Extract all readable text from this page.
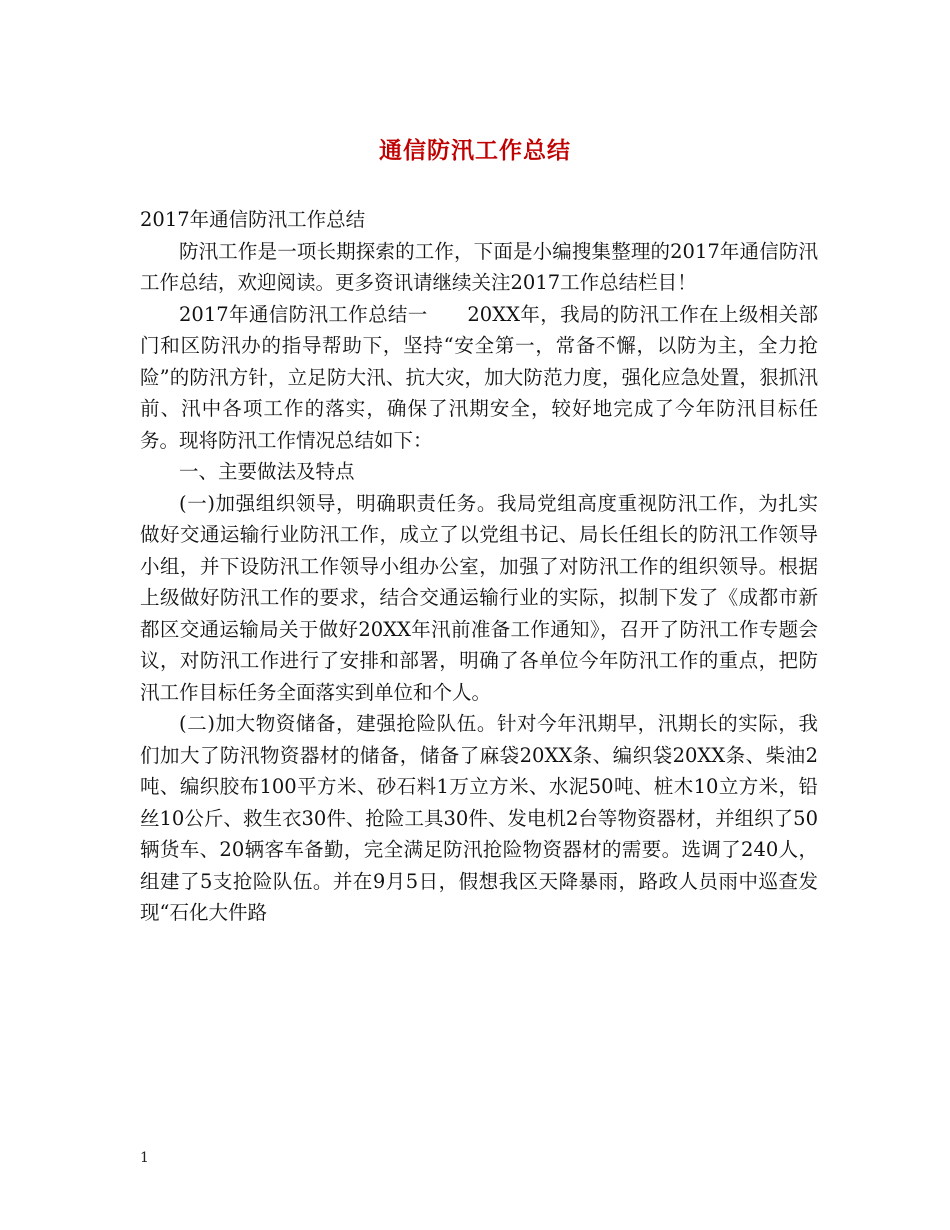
通信防汛工作总结

2017年通信防汛工作总结

防汛工作是一项长期探索的工作，下面是小编搜集整理的2017年通信防汛工作总结，欢迎阅读。更多资讯请继续关注2017工作总结栏目！

2017年通信防汛工作总结一　　20XX年，我局的防汛工作在上级相关部门和区防汛办的指导帮助下，坚持“安全第一，常备不懈，以防为主，全力抢险”的防汛方针，立足防大汛、抗大灾，加大防范力度，强化应急处置，狠抓汛前、汛中各项工作的落实，确保了汛期安全，较好地完成了今年防汛目标任务。现将防汛工作情况总结如下：

一、主要做法及特点

(一)加强组织领导，明确职责任务。我局党组高度重视防汛工作，为扎实做好交通运输行业防汛工作，成立了以党组书记、局长任组长的防汛工作领导小组，并下设防汛工作领导小组办公室，加强了对防汛工作的组织领导。根据上级做好防汛工作的要求，结合交通运输行业的实际，拟制下发了《成都市新都区交通运输局关于做好20XX年汛前准备工作通知》，召开了防汛工作专题会议，对防汛工作进行了安排和部署，明确了各单位今年防汛工作的重点，把防汛工作目标任务全面落实到单位和个人。

(二)加大物资储备，建强抢险队伍。针对今年汛期早，汛期长的实际，我们加大了防汛物资器材的储备，储备了麻袋20XX条、编织袋20XX条、柴油2吨、编织胶布100平方米、砂石料1万立方米、水泥50吨、桩木10立方米，铅丝10公斤、救生衣30件、抢险工具30件、发电机2台等物资器材，并组织了50辆货车、20辆客车备勤，完全满足防汛抢险物资器材的需要。选调了240人，组建了5支抢险队伍。并在9月5日，假想我区天降暴雨，路政人员雨中巡查发现“石化大件路

1
